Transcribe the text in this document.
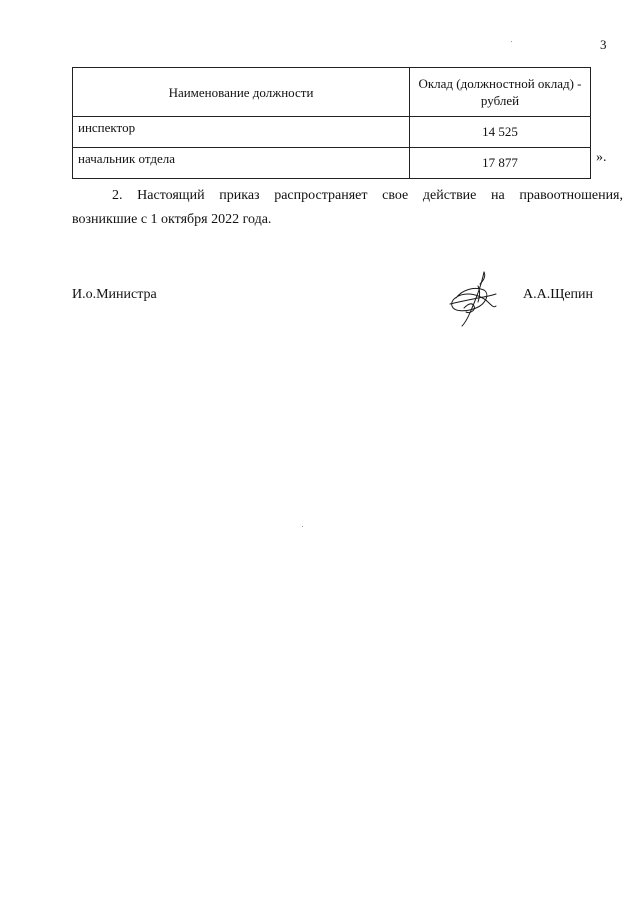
3
Наименование должности	Оклад (должностной оклад) - рублей
инспектор	14 525
начальник отдела	17 877	».
2. Настоящий приказ распространяет свое действие на правоотношения,
возникшие с 1 октября 2022 года.
И.о.Министра	А.А.Щепин
